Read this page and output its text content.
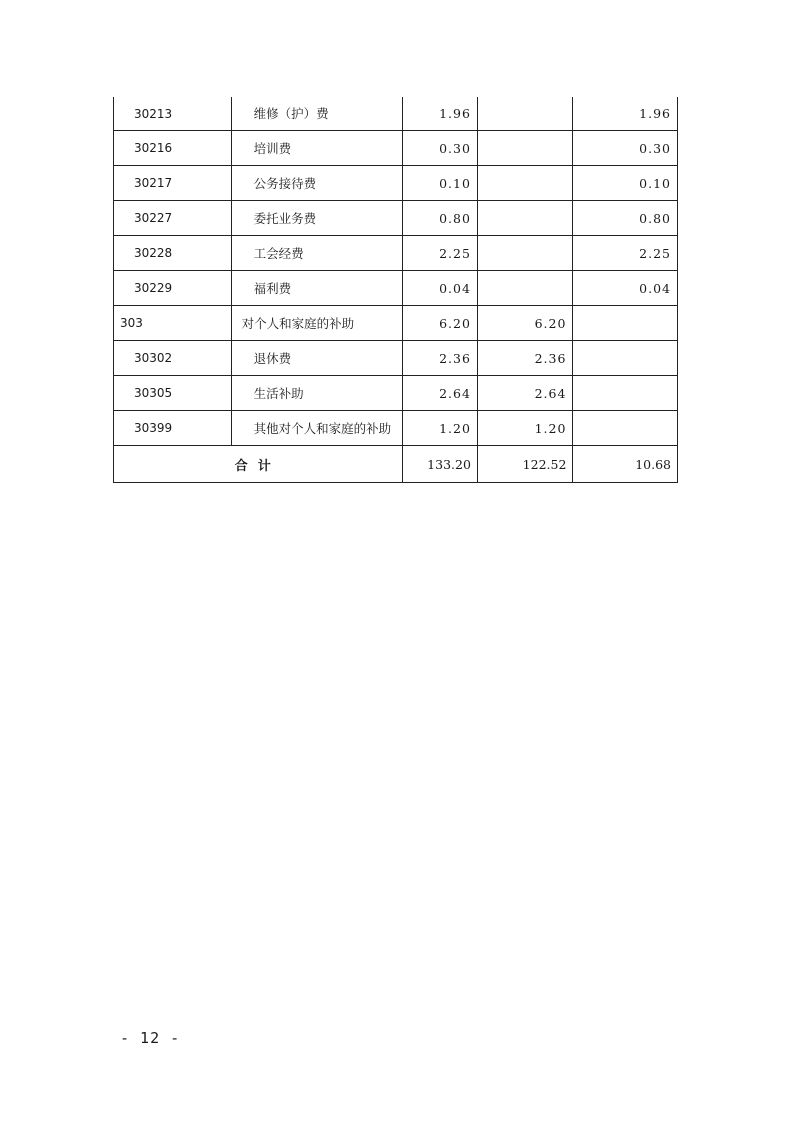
30213	维修（护）费	1.96		1.96
30216	培训费	0.30		0.30
30217	公务接待费	0.10		0.10
30227	委托业务费	0.80		0.80
30228	工会经费	2.25		2.25
30229	福利费	0.04		0.04
303	对个人和家庭的补助	6.20	6.20	
30302	退休费	2.36	2.36	
30305	生活补助	2.64	2.64	
30399	其他对个人和家庭的补助	1.20	1.20	
合计		133.20	122.52	10.68
- 12 -
